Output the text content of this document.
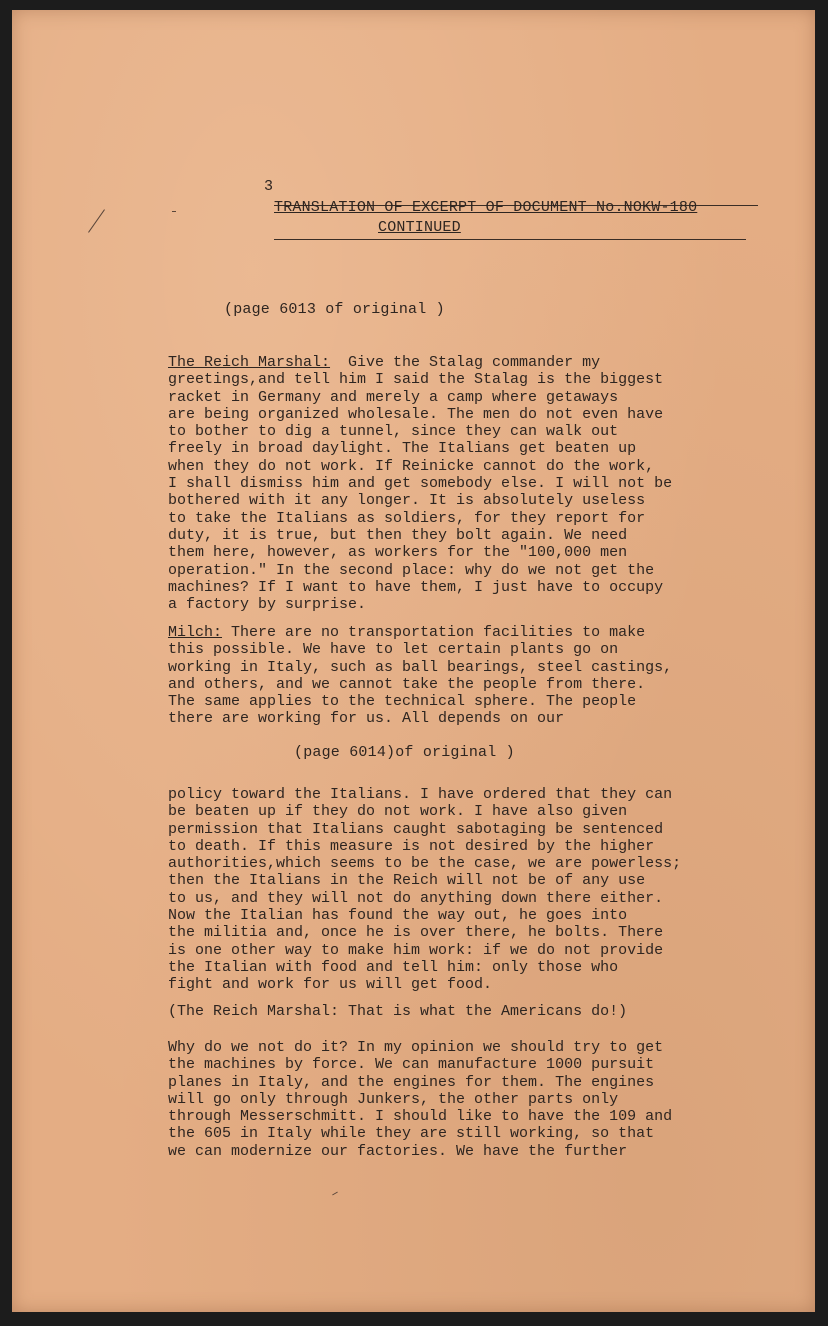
3
TRANSLATION OF EXCERPT OF DOCUMENT No.NOKW-180
CONTINUED
(page 6013 of original )
The Reich Marshal:  Give the Stalag commander my
greetings,and tell him I said the Stalag is the biggest
racket in Germany and merely a camp where getaways
are being organized wholesale. The men do not even have
to bother to dig a tunnel, since they can walk out
freely in broad daylight. The Italians get beaten up
when they do not work. If Reinicke cannot do the work,
I shall dismiss him and get somebody else. I will not be
bothered with it any longer. It is absolutely useless
to take the Italians as soldiers, for they report for
duty, it is true, but then they bolt again. We need
them here, however, as workers for the "100,000 men
operation." In the second place: why do we not get the
machines? If I want to have them, I just have to occupy
a factory by surprise.
Milch: There are no transportation facilities to make
this possible. We have to let certain plants go on
working in Italy, such as ball bearings, steel castings,
and others, and we cannot take the people from there.
The same applies to the technical sphere. The people
there are working for us. All depends on our
(page 6014)of original )
policy toward the Italians. I have ordered that they can
be beaten up if they do not work. I have also given
permission that Italians caught sabotaging be sentenced
to death. If this measure is not desired by the higher
authorities,which seems to be the case, we are powerless;
then the Italians in the Reich will not be of any use
to us, and they will not do anything down there either.
Now the Italian has found the way out, he goes into
the militia and, once he is over there, he bolts. There
is one other way to make him work: if we do not provide
the Italian with food and tell him: only those who
fight and work for us will get food.
(The Reich Marshal: That is what the Americans do!)
Why do we not do it? In my opinion we should try to get
the machines by force. We can manufacture 1000 pursuit
planes in Italy, and the engines for them. The engines
will go only through Junkers, the other parts only
through Messerschmitt. I should like to have the 109 and
the 605 in Italy while they are still working, so that
we can modernize our factories. We have the further
